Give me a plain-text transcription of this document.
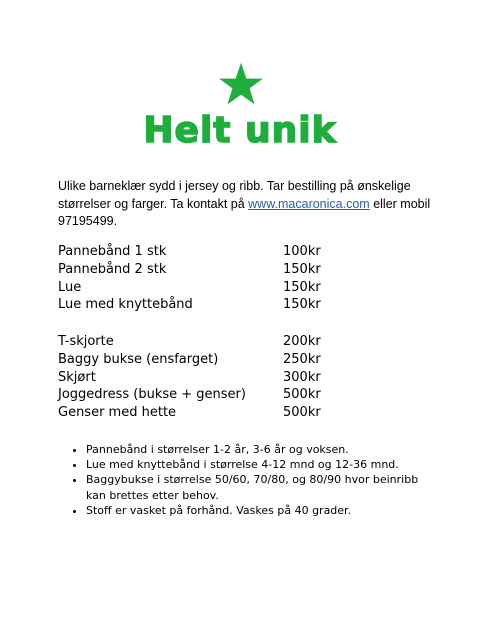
Helt unik
Ulike barneklær sydd i jersey og ribb. Tar bestilling på ønskelige størrelser og farger. Ta kontakt på www.macaronica.com eller mobil 97195499.
Pannebånd 1 stk	100kr
Pannebånd 2 stk	150kr
Lue	150kr
Lue med knyttebånd	150kr
T-skjorte	200kr
Baggy bukse (ensfarget)	250kr
Skjørt	300kr
Joggedress (bukse + genser)	500kr
Genser med hette	500kr
• Pannebånd i størrelser 1-2 år, 3-6 år og voksen.
• Lue med knyttebånd i størrelse 4-12 mnd og 12-36 mnd.
• Baggybukse i størrelse 50/60, 70/80, og 80/90 hvor beinribb kan brettes etter behov.
• Stoff er vasket på forhånd. Vaskes på 40 grader.
